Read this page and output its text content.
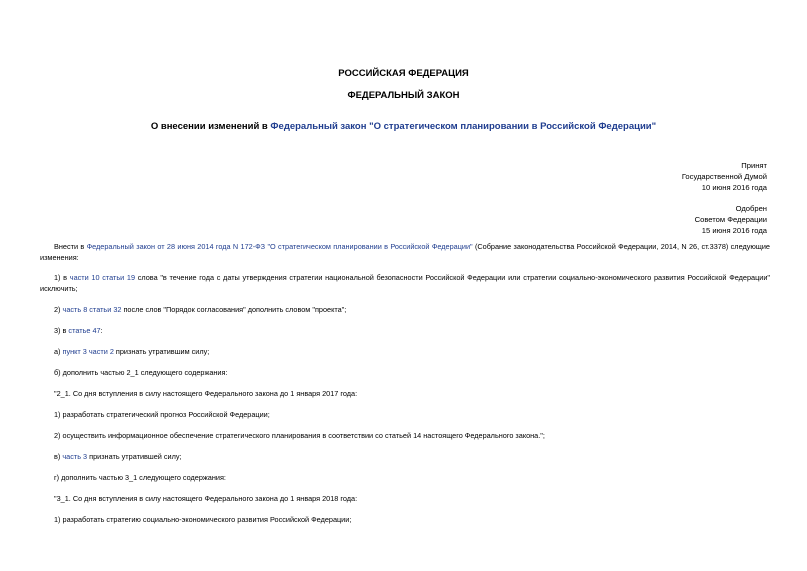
РОССИЙСКАЯ ФЕДЕРАЦИЯ
ФЕДЕРАЛЬНЫЙ ЗАКОН
О внесении изменений в Федеральный закон "О стратегическом планировании в Российской Федерации"
Принят
Государственной Думой
10 июня 2016 года
Одобрен
Советом Федерации
15 июня 2016 года
Внести в Федеральный закон от 28 июня 2014 года N 172-ФЗ "О стратегическом планировании в Российской Федерации" (Собрание законодательства Российской Федерации, 2014, N 26, ст.3378) следующие
изменения:
1) в части 10 статьи 19 слова "в течение года с даты утверждения стратегии национальной безопасности Российской Федерации или стратегии социально-экономического развития Российской Федерации"
исключить;
2) часть 8 статьи 32 после слов "Порядок согласования" дополнить словом "проекта";
3) в статье 47:
а) пункт 3 части 2 признать утратившим силу;
б) дополнить частью 2_1 следующего содержания:
"2_1. Со дня вступления в силу настоящего Федерального закона до 1 января 2017 года:
1) разработать стратегический прогноз Российской Федерации;
2) осуществить информационное обеспечение стратегического планирования в соответствии со статьей 14 настоящего Федерального закона.";
в) часть 3 признать утратившей силу;
г) дополнить частью 3_1 следующего содержания:
"3_1. Со дня вступления в силу настоящего Федерального закона до 1 января 2018 года:
1) разработать стратегию социально-экономического развития Российской Федерации;
